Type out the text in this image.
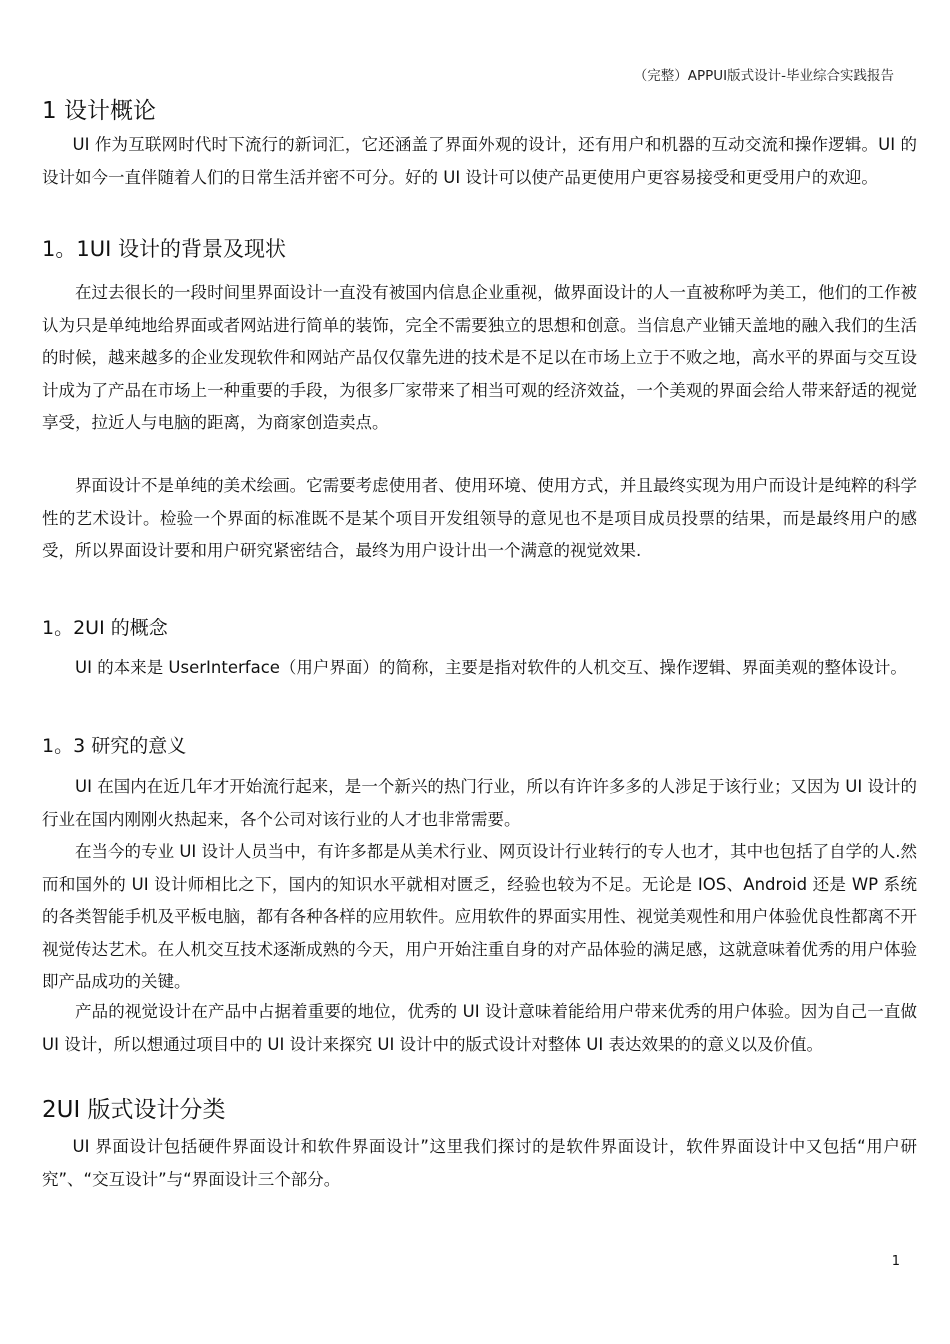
（完整）APPUI版式设计-毕业综合实践报告
1 设计概论

UI 作为互联网时代时下流行的新词汇，它还涵盖了界面外观的设计，还有用户和机器的互动交流和操作逻辑。UI 的设计如今一直伴随着人们的日常生活并密不可分。好的 UI 设计可以使产品更使用户更容易接受和更受用户的欢迎。

1。1UI 设计的背景及现状

在过去很长的一段时间里界面设计一直没有被国内信息企业重视，做界面设计的人一直被称呼为美工，他们的工作被认为只是单纯地给界面或者网站进行简单的装饰，完全不需要独立的思想和创意。当信息产业铺天盖地的融入我们的生活的时候，越来越多的企业发现软件和网站产品仅仅靠先进的技术是不足以在市场上立于不败之地，高水平的界面与交互设计成为了产品在市场上一种重要的手段，为很多厂家带来了相当可观的经济效益，一个美观的界面会给人带来舒适的视觉享受，拉近人与电脑的距离，为商家创造卖点。

界面设计不是单纯的美术绘画。它需要考虑使用者、使用环境、使用方式，并且最终实现为用户而设计是纯粹的科学性的艺术设计。检验一个界面的标准既不是某个项目开发组领导的意见也不是项目成员投票的结果，而是最终用户的感受，所以界面设计要和用户研究紧密结合，最终为用户设计出一个满意的视觉效果.

1。2UI 的概念

UI 的本来是 UserInterface（用户界面）的简称，主要是指对软件的人机交互、操作逻辑、界面美观的整体设计。

1。3 研究的意义

UI 在国内在近几年才开始流行起来，是一个新兴的热门行业，所以有许许多多的人涉足于该行业；又因为 UI 设计的行业在国内刚刚火热起来，各个公司对该行业的人才也非常需要。

在当今的专业 UI 设计人员当中，有许多都是从美术行业、网页设计行业转行的专人也才，其中也包括了自学的人.然而和国外的 UI 设计师相比之下，国内的知识水平就相对匮乏，经验也较为不足。无论是 IOS、Android 还是 WP 系统的各类智能手机及平板电脑，都有各种各样的应用软件。应用软件的界面实用性、视觉美观性和用户体验优良性都离不开视觉传达艺术。在人机交互技术逐渐成熟的今天，用户开始注重自身的对产品体验的满足感，这就意味着优秀的用户体验即产品成功的关键。

产品的视觉设计在产品中占据着重要的地位，优秀的 UI 设计意味着能给用户带来优秀的用户体验。因为自己一直做 UI 设计，所以想通过项目中的 UI 设计来探究 UI 设计中的版式设计对整体 UI 表达效果的的意义以及价值。

2UI 版式设计分类

UI 界面设计包括硬件界面设计和软件界面设计”这里我们探讨的是软件界面设计，软件界面设计中又包括“用户研究”、“交互设计”与“界面设计三个部分。

1
